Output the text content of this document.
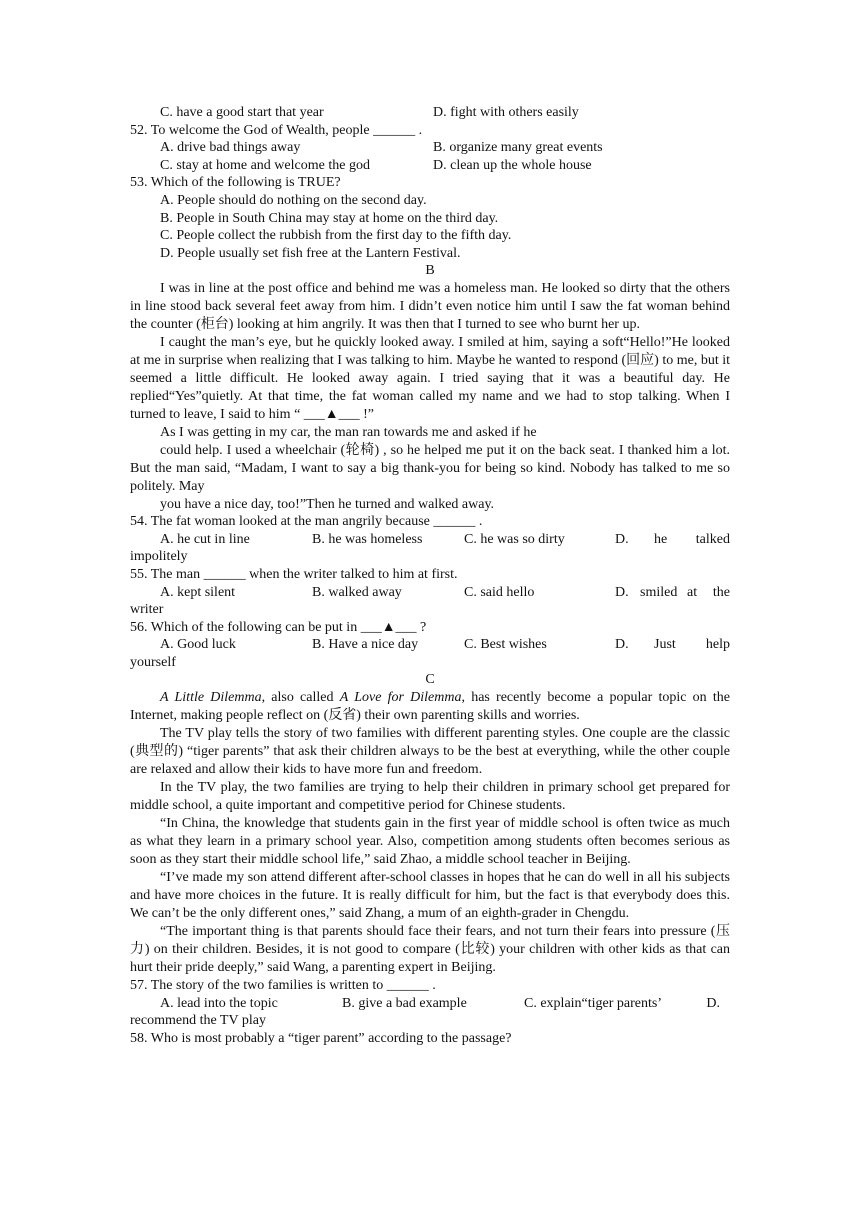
C. have a good start that year	D. fight with others easily
52. To welcome the God of Wealth, people ______ .
A. drive bad things away	B. organize many great events
C. stay at home and welcome the god	D. clean up the whole house
53. Which of the following is TRUE?
A. People should do nothing on the second day.
B. People in South China may stay at home on the third day.
C. People collect the rubbish from the first day to the fifth day.
D. People usually set fish free at the Lantern Festival.
B

I was in line at the post office and behind me was a homeless man. He looked so dirty that the others in line stood back several feet away from him. I didn’t even notice him until I saw the fat woman behind the counter (柜台) looking at him angrily. It was then that I turned to see who burnt her up.

I caught the man’s eye, but he quickly looked away. I smiled at him, saying a soft“Hello!”He looked at me in surprise when realizing that I was talking to him. Maybe he wanted to respond (回应) to me, but it seemed a little difficult. He looked away again. I tried saying that it was a beautiful day. He replied“Yes”quietly. At that time, the fat woman called my name and we had to stop talking. When I turned to leave, I said to him “ ___▲___ !”

As I was getting in my car, the man ran towards me and asked if he

could help. I used a wheelchair (轮椅) , so he helped me put it on the back seat. I thanked him a lot. But the man said, “Madam, I want to say a big thank-you for being so kind. Nobody has talked to me so politely. May

you have a nice day, too!”Then he turned and walked away.
54. The fat woman looked at the man angrily because ______ .
A. he cut in line	B. he was homeless	C. he was so dirty	D. he talked
impolitely
55. The man ______ when the writer talked to him at first.
A. kept silent	B. walked away	C. said hello	D. smiled at the
writer
56. Which of the following can be put in ___▲___ ?
A. Good luck	B. Have a nice day	C. Best wishes	D. Just help
yourself
C

A Little Dilemma, also called A Love for Dilemma, has recently become a popular topic on the Internet, making people reflect on (反省) their own parenting skills and worries.

The TV play tells the story of two families with different parenting styles. One couple are the classic (典型的) “tiger parents” that ask their children always to be the best at everything, while the other couple are relaxed and allow their kids to have more fun and freedom.

In the TV play, the two families are trying to help their children in primary school get prepared for middle school, a quite important and competitive period for Chinese students.

“In China, the knowledge that students gain in the first year of middle school is often twice as much as what they learn in a primary school year. Also, competition among students often becomes serious as soon as they start their middle school life,” said Zhao, a middle school teacher in Beijing.

“I’ve made my son attend different after-school classes in hopes that he can do well in all his subjects and have more choices in the future. It is really difficult for him, but the fact is that everybody does this. We can’t be the only different ones,” said Zhang, a mum of an eighth-grader in Chengdu.

“The important thing is that parents should face their fears, and not turn their fears into pressure (压力) on their children. Besides, it is not good to compare (比较) your children with other kids as that can hurt their pride deeply,” said Wang, a parenting expert in Beijing.

57. The story of the two families is written to ______ .
A. lead into the topic	B. give a bad example	C. explain“tiger parents’	D.
recommend the TV play
58. Who is most probably a “tiger parent” according to the passage?
